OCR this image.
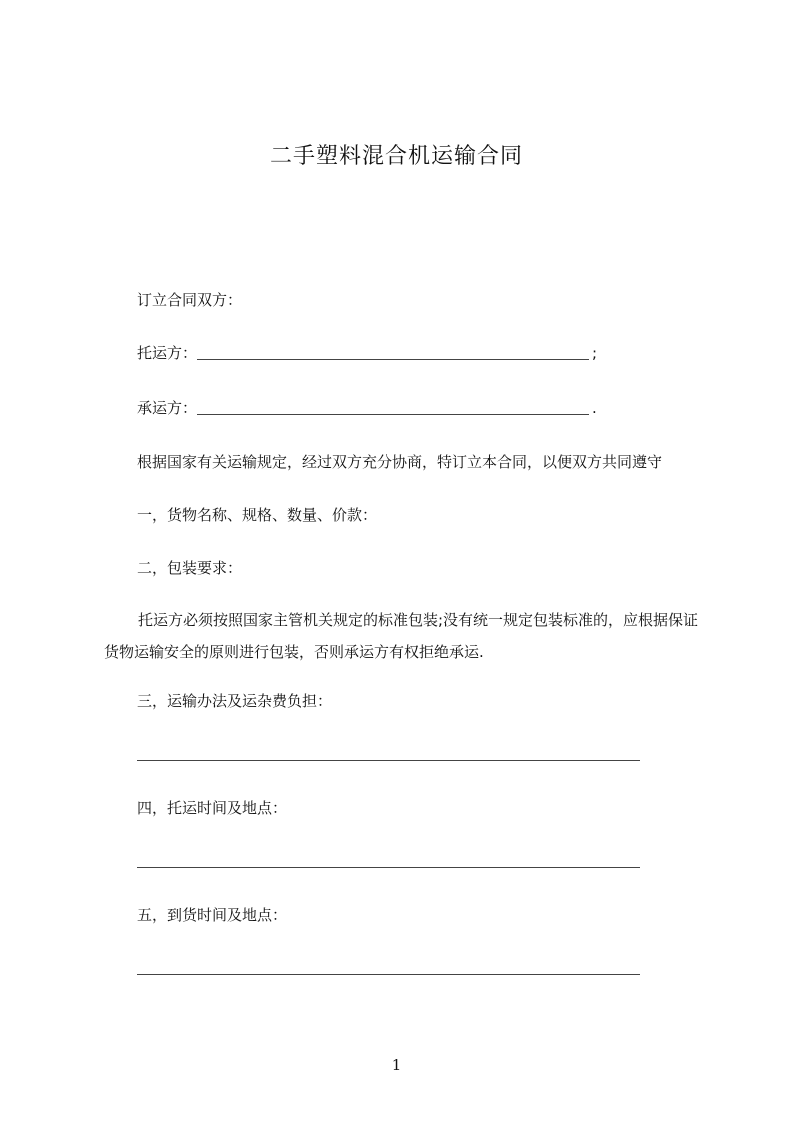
二手塑料混合机运输合同
订立合同双方：
托运方：	;
承运方：	.
根据国家有关运输规定，经过双方充分协商，特订立本合同，以便双方共同遵守
一，货物名称、规格、数量、价款：
二，包装要求：
托运方必须按照国家主管机关规定的标准包装;没有统一规定包装标准的，应根据保证货物运输安全的原则进行包装，否则承运方有权拒绝承运.
三，运输办法及运杂费负担：
四，托运时间及地点：
五，到货时间及地点：
1
